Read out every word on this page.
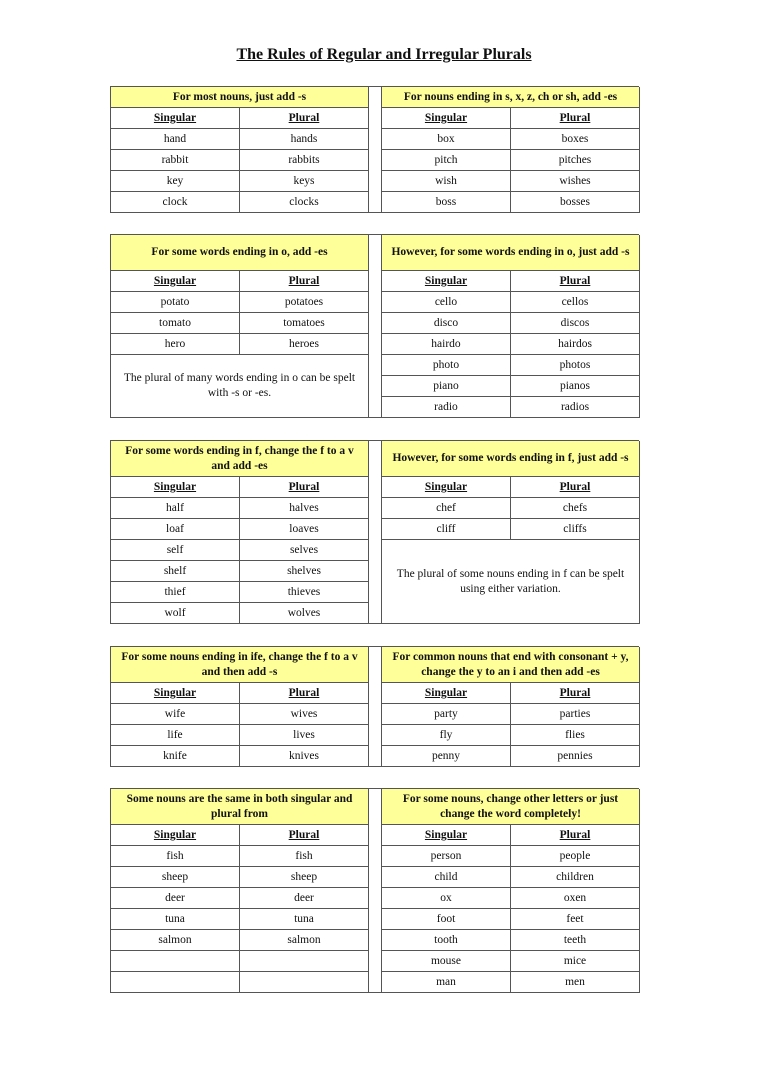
The Rules of Regular and Irregular Plurals
For most nouns, just add -s	For nouns ending in s, x, z, ch or sh, add -es
Singular	Plural	Singular	Plural
hand	hands	box	boxes
rabbit	rabbits	pitch	pitches
key	keys	wish	wishes
clock	clocks	boss	bosses
For some words ending in o, add -es	However, for some words ending in o, just add -s
Singular	Plural	Singular	Plural
potato	potatoes
tomato	tomatoes
hero	heroes
The plural of many words ending in o can be spelt with -s or -es.
cello	cellos
disco	discos
hairdo	hairdos
photo	photos
piano	pianos
radio	radios
For some words ending in f, change the f to a v and add -es
However, for some words ending in f, just add -s
Singular	Plural	Singular	Plural
half	halves
loaf	loaves
self	selves
shelf	shelves
thief	thieves
wolf	wolves
chef	chefs
cliff	cliffs
The plural of some nouns ending in f can be spelt using either variation.
For some nouns ending in ife, change the f to a v and then add -s
For common nouns that end with consonant + y, change the y to an i and then add -es
Singular	Plural	Singular	Plural
wife	wives
life	lives
knife	knives
party	parties
fly	flies
penny	pennies
Some nouns are the same in both singular and plural from
For some nouns, change other letters or just change the word completely!
Singular	Plural	Singular	Plural
fish	fish
sheep	sheep
deer	deer
tuna	tuna
salmon	salmon
person	people
child	children
ox	oxen
foot	feet
tooth	teeth
mouse	mice
man	men
